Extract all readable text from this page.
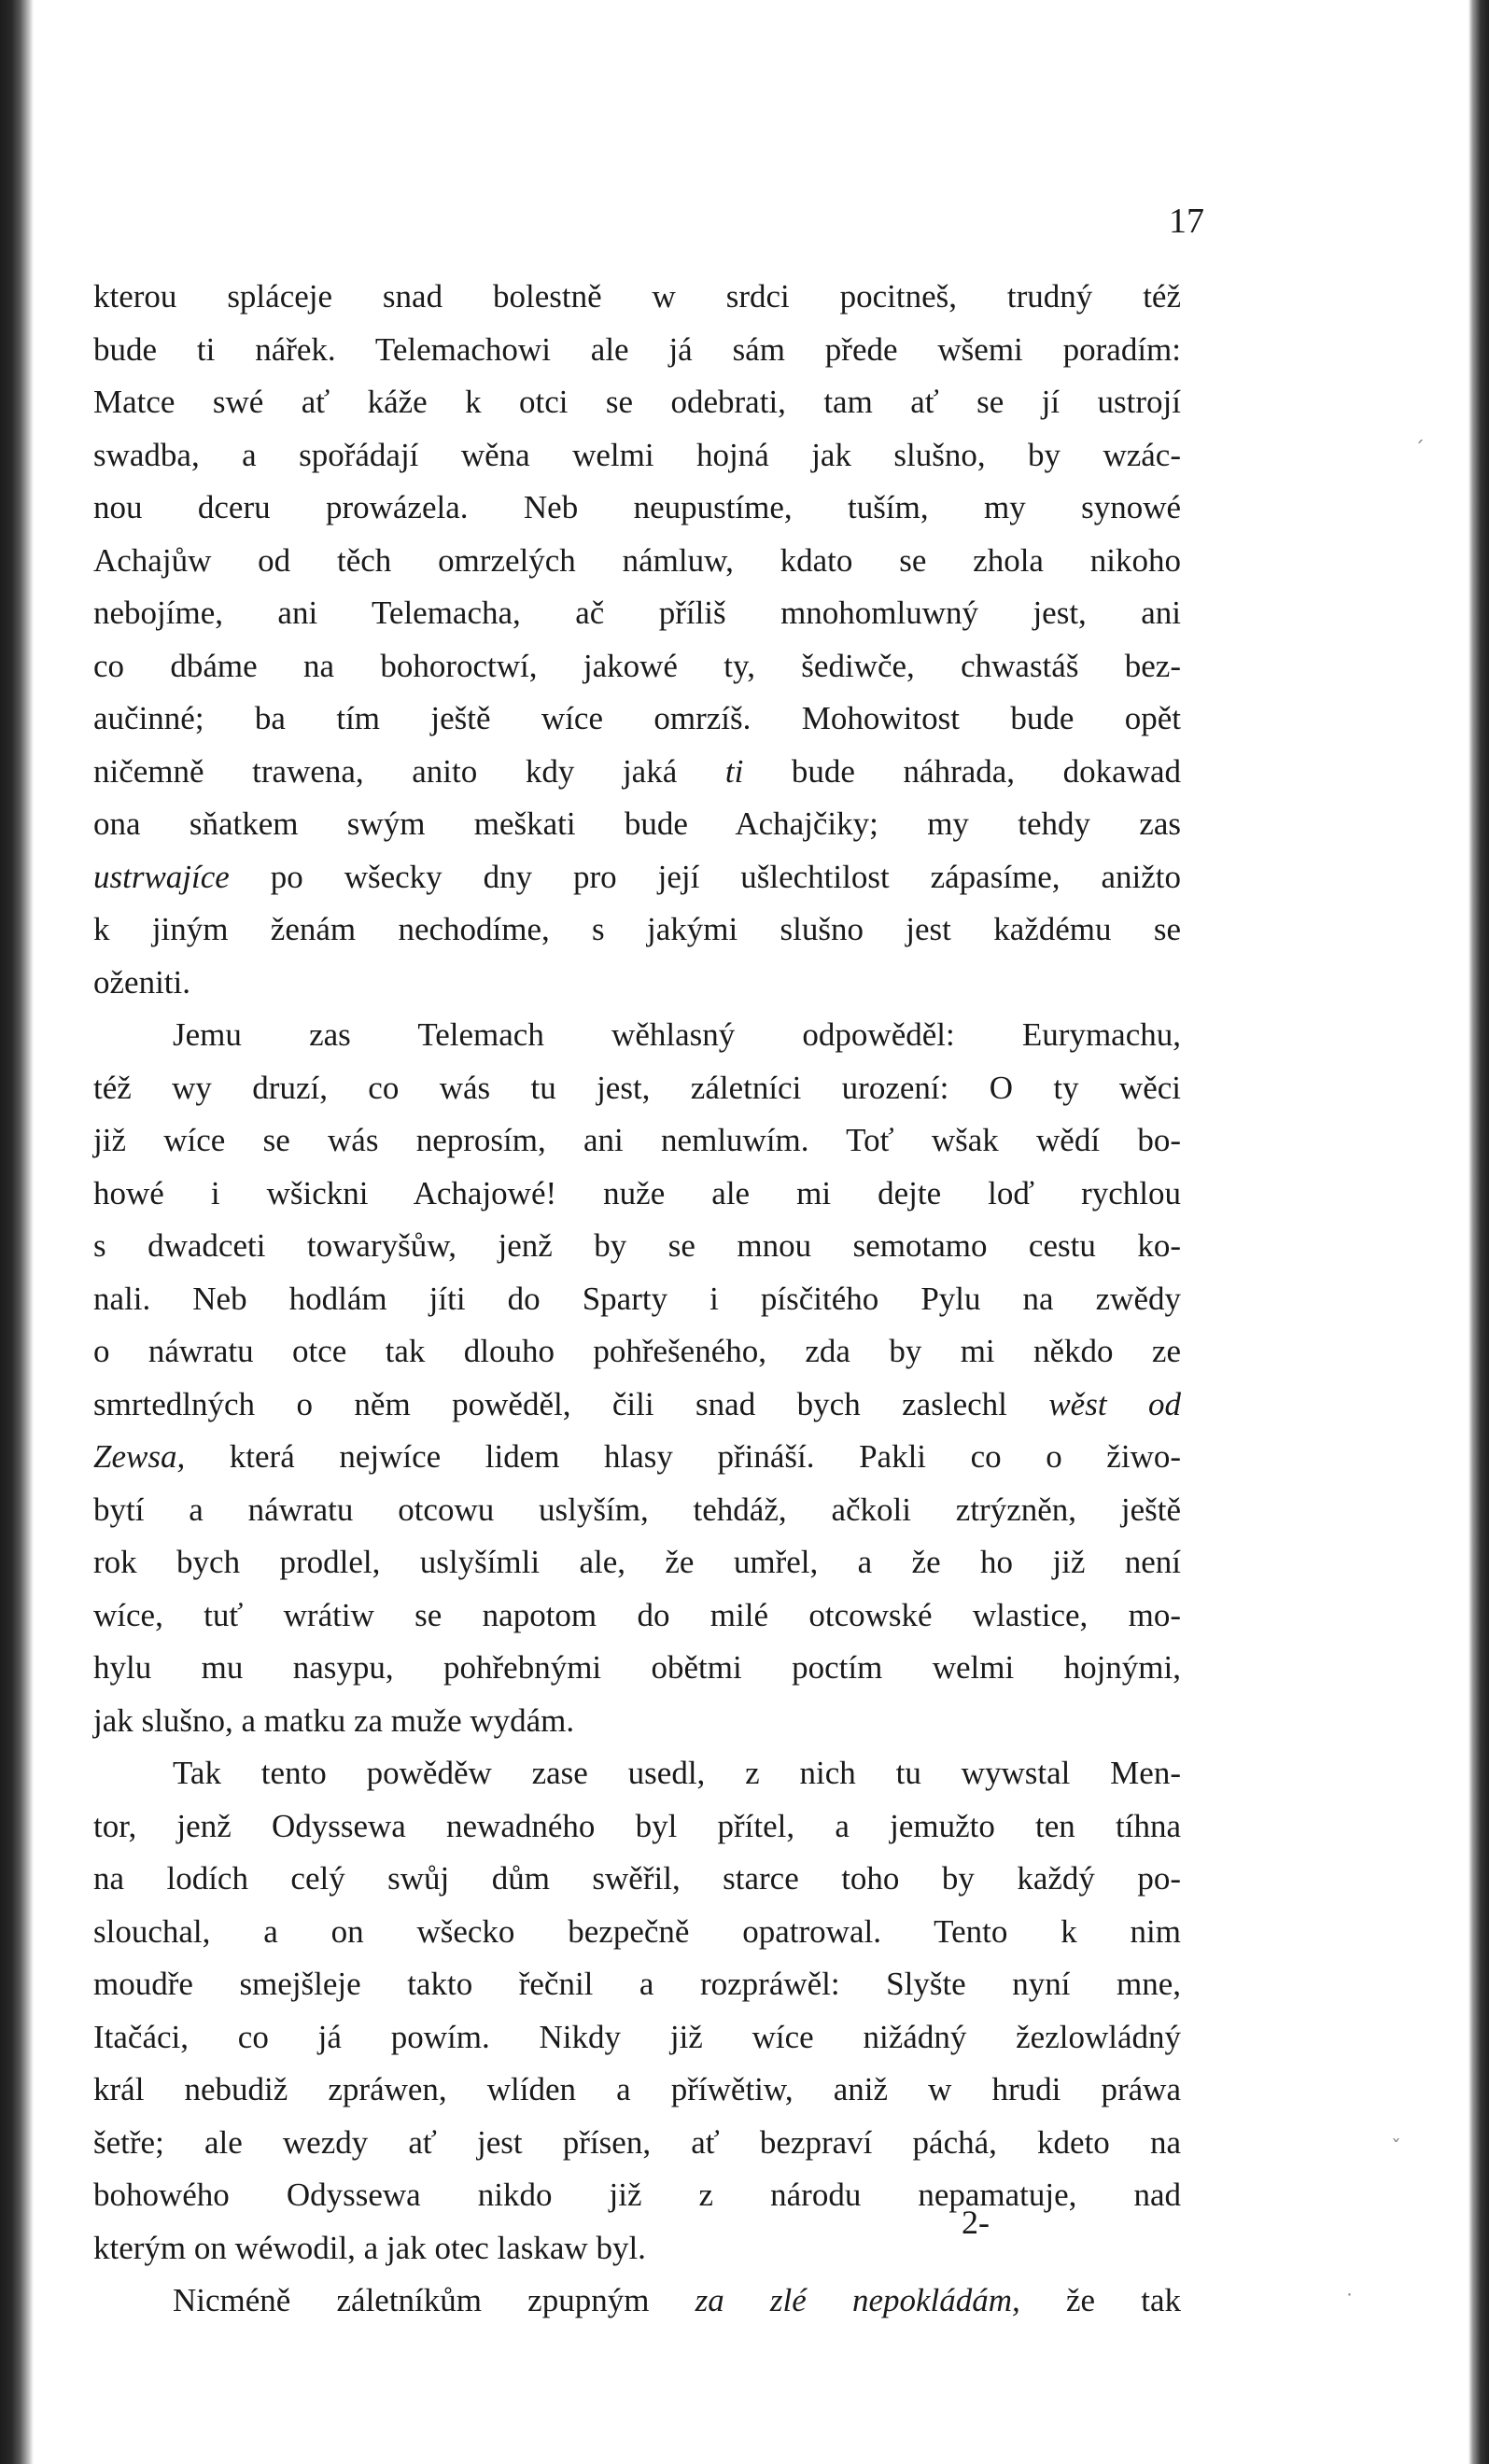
17
kterou spláceje snad bolestně w srdci pocitneš, trudný též
bude ti nářek. Telemachowi ale já sám přede wšemi poradím:
Matce swé ať káže k otci se odebrati, tam ať se jí ustrojí
swadba, a spořádají wěna welmi hojná jak slušno, by wzác-
nou dceru prowázela. Neb neupustíme, tuším, my synowé
Achajůw od těch omrzelých námluw, kdato se zhola nikoho
nebojíme, ani Telemacha, ač příliš mnohomluwný jest, ani
co dbáme na bohoroctwí, jakowé ty, šediwče, chwastáš bez-
aučinné; ba tím ještě wíce omrzíš. Mohowitost bude opět
ničemně trawena, anito kdy jaká ti bude náhrada, dokawad
ona sňatkem swým meškati bude Achajčiky; my tehdy zas
ustrwajíce po wšecky dny pro její ušlechtilost zápasíme, anižto
k jiným ženám nechodíme, s jakými slušno jest každému se
oženiti.
Jemu zas Telemach wěhlasný odpowěděl: Eurymachu,
též wy druzí, co wás tu jest, záletníci urození: O ty wěci
již wíce se wás neprosím, ani nemluwím. Toť wšak wědí bo-
howé i wšickni Achajowé! nuže ale mi dejte loď rychlou
s dwadceti towaryšůw, jenž by se mnou semotamo cestu ko-
nali. Neb hodlám jíti do Sparty i písčitého Pylu na zwědy
o náwratu otce tak dlouho pohřešeného, zda by mi někdo ze
smrtedlných o něm powěděl, čili snad bych zaslechl wěst od
Zewsa, která nejwíce lidem hlasy přináší. Pakli co o žiwo-
bytí a náwratu otcowu uslyším, tehdáž, ačkoli ztrýzněn, ještě
rok bych prodlel, uslyšímli ale, že umřel, a že ho již není
wíce, tuť wrátiw se napotom do milé otcowské wlastice, mo-
hylu mu nasypu, pohřebnými obětmi poctím welmi hojnými,
jak slušno, a matku za muže wydám.
Tak tento powěděw zase usedl, z nich tu wywstal Men-
tor, jenž Odyssewa newadného byl přítel, a jemužto ten tíhna
na lodích celý swůj dům swěřil, starce toho by každý po-
slouchal, a on wšecko bezpečně opatrowal. Tento k nim
moudře smejšleje takto řečnil a rozpráwěl: Slyšte nyní mne,
Itačáci, co já powím. Nikdy již wíce nižádný žezlowládný
král nebudiž zpráwen, wlíden a příwětiw, aniž w hrudi práwa
šetře; ale wezdy ať jest přísen, ať bezpraví páchá, kdeto na
bohowého Odyssewa nikdo již z národu nepamatuje, nad
kterým on wéwodil, a jak otec laskaw byl.
Nicméně záletníkům zpupným za zlé nepokládám, že tak
2-
´
ˇ
˙
